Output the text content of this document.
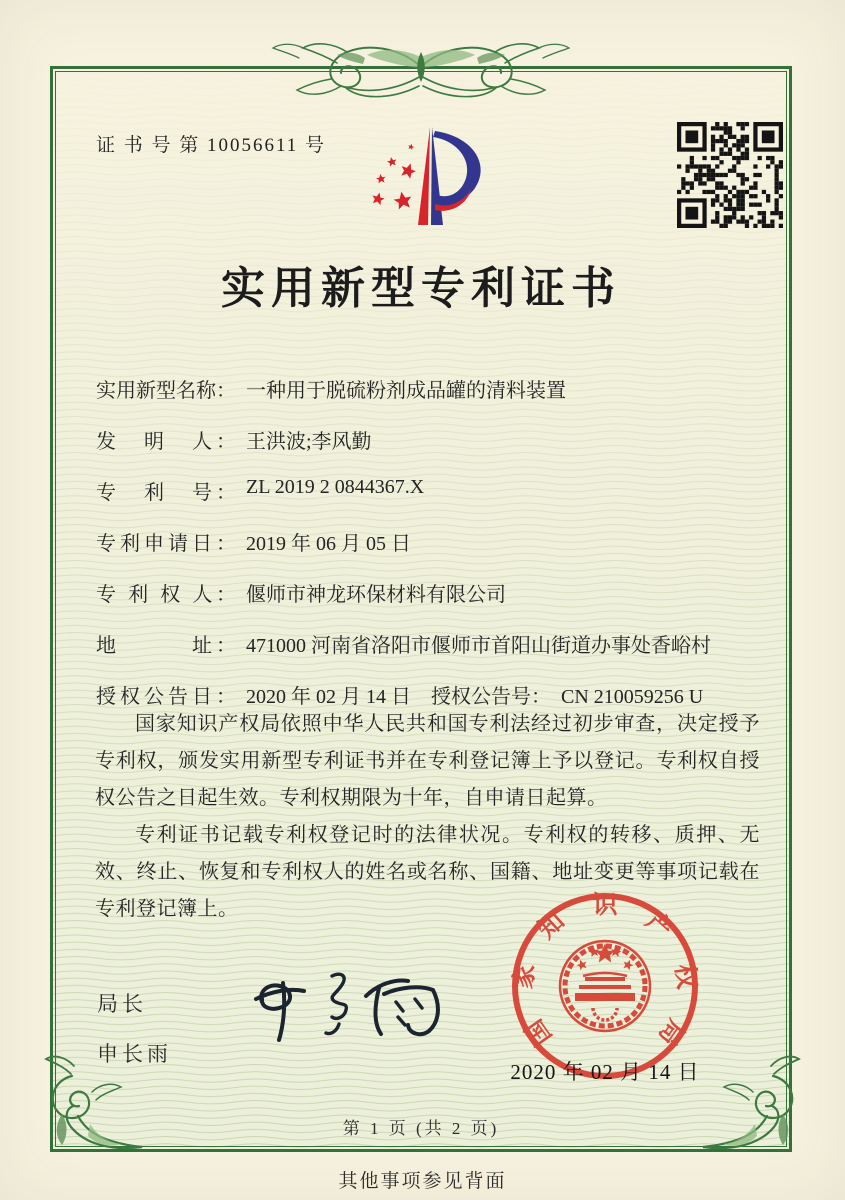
证 书 号 第 10056611 号
实用新型专利证书
实用新型名称： 一种用于脱硫粉剂成品罐的清料装置
发　明　人： 王洪波;李风勤
专　利　号： ZL 2019 2 0844367.X
专利申请日： 2019 年 06 月 05 日
专 利 权 人： 偃师市神龙环保材料有限公司
地　　　址： 471000 河南省洛阳市偃师市首阳山街道办事处香峪村
授权公告日： 2020 年 02 月 14 日	授权公告号： CN 210059256 U

国家知识产权局依照中华人民共和国专利法经过初步审查，决定授予专利权，颁发实用新型专利证书并在专利登记簿上予以登记。专利权自授权公告之日起生效。专利权期限为十年，自申请日起算。

专利证书记载专利权登记时的法律状况。专利权的转移、质押、无效、终止、恢复和专利权人的姓名或名称、国籍、地址变更等事项记载在专利登记簿上。

局长
申长雨
国
家
知
识
产
权
局
2020 年 02 月 14 日
第 1 页 (共 2 页)
其他事项参见背面
